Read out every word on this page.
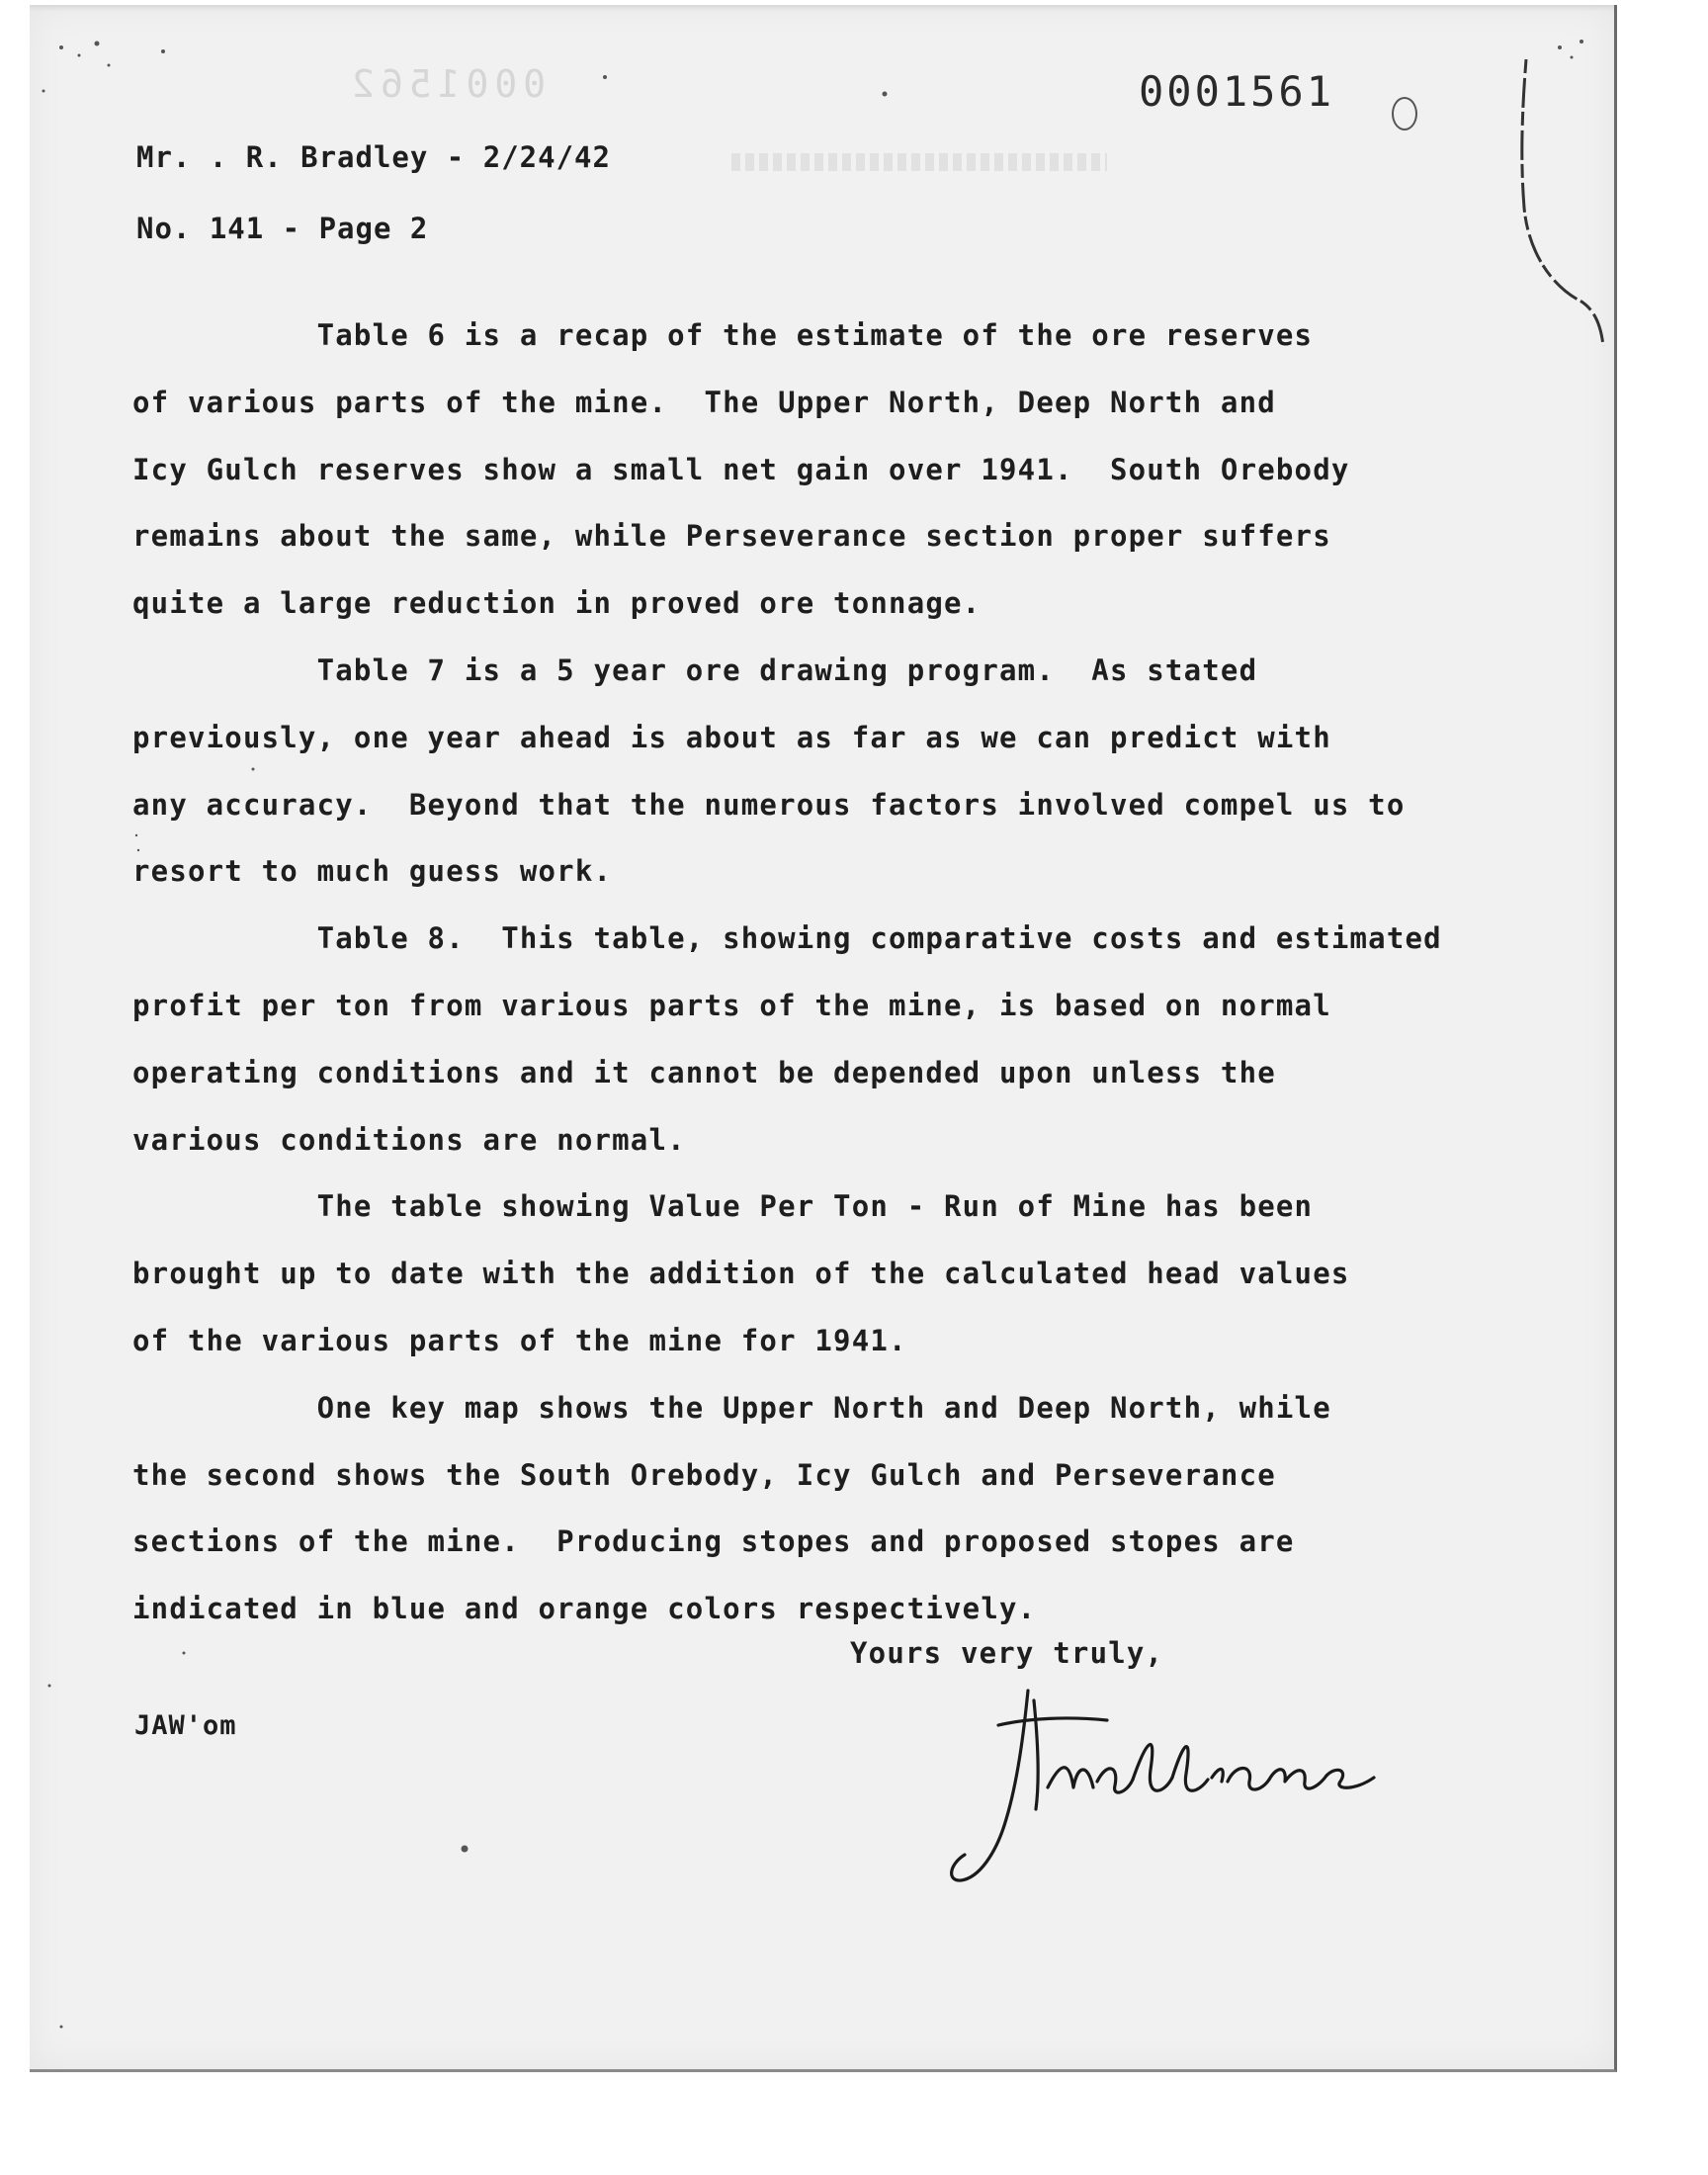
0001562	0001561
Mr. . R. Bradley - 2/24/42
No. 141 - Page 2

Table 6 is a recap of the estimate of the ore reserves

of various parts of the mine.  The Upper North, Deep North and

Icy Gulch reserves show a small net gain over 1941.  South Orebody

remains about the same, while Perseverance section proper suffers

quite a large reduction in proved ore tonnage.

Table 7 is a 5 year ore drawing program.  As stated

previously, one year ahead is about as far as we can predict with

any accuracy.  Beyond that the numerous factors involved compel us to

resort to much guess work.

Table 8.  This table, showing comparative costs and estimated

profit per ton from various parts of the mine, is based on normal

operating conditions and it cannot be depended upon unless the

various conditions are normal.

The table showing Value Per Ton - Run of Mine has been

brought up to date with the addition of the calculated head values

of the various parts of the mine for 1941.

One key map shows the Upper North and Deep North, while

the second shows the South Orebody, Icy Gulch and Perseverance

sections of the mine.  Producing stopes and proposed stopes are

indicated in blue and orange colors respectively.

Yours very truly,
JAW'om
